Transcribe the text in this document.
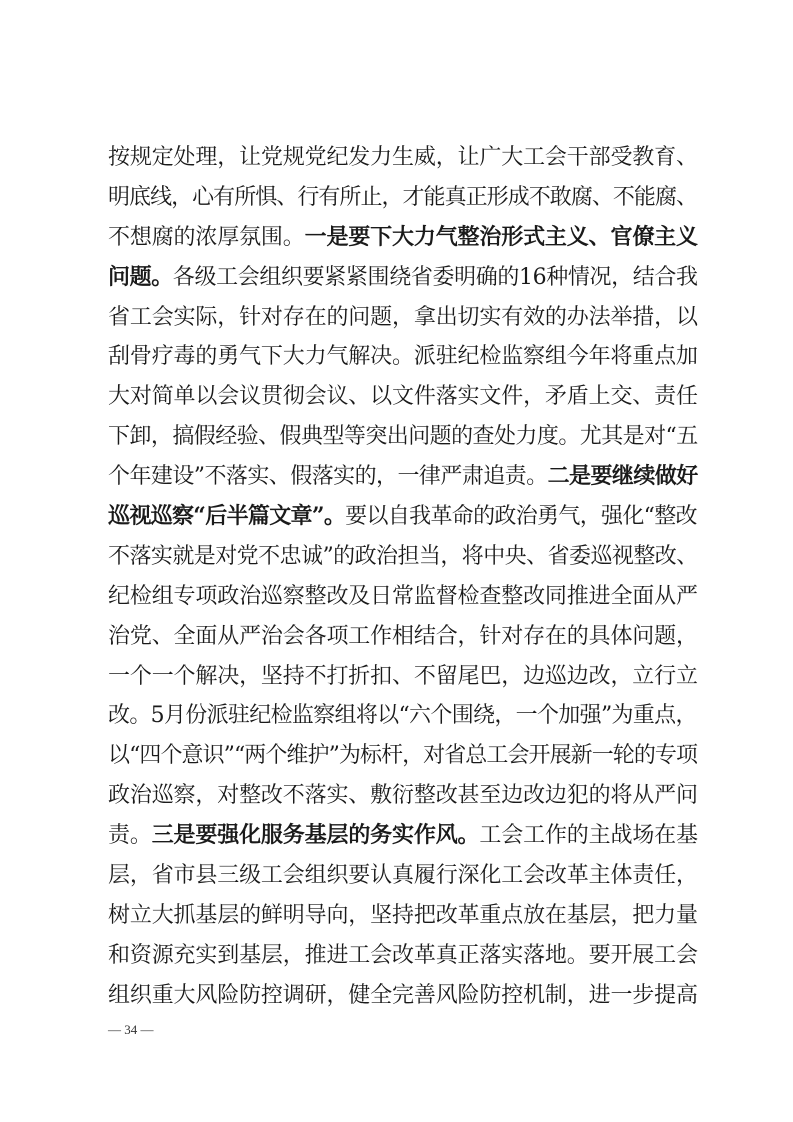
按规定处理，让党规党纪发力生威，让广大工会干部受教育、
明底线，心有所惧、行有所止，才能真正形成不敢腐、不能腐、
不想腐的浓厚氛围。一是要下大力气整治形式主义、官僚主义
问题。各级工会组织要紧紧围绕省委明确的16种情况，结合我
省工会实际，针对存在的问题，拿出切实有效的办法举措，以
刮骨疗毒的勇气下大力气解决。派驻纪检监察组今年将重点加
大对简单以会议贯彻会议、以文件落实文件，矛盾上交、责任
下卸，搞假经验、假典型等突出问题的查处力度。尤其是对“五
个年建设”不落实、假落实的，一律严肃追责。二是要继续做好
巡视巡察“后半篇文章”。要以自我革命的政治勇气，强化“整改
不落实就是对党不忠诚”的政治担当，将中央、省委巡视整改、
纪检组专项政治巡察整改及日常监督检查整改同推进全面从严
治党、全面从严治会各项工作相结合，针对存在的具体问题，
一个一个解决，坚持不打折扣、不留尾巴，边巡边改，立行立
改。5月份派驻纪检监察组将以“六个围绕，一个加强”为重点，
以“四个意识”“两个维护”为标杆，对省总工会开展新一轮的专项
政治巡察，对整改不落实、敷衍整改甚至边改边犯的将从严问
责。三是要强化服务基层的务实作风。工会工作的主战场在基
层，省市县三级工会组织要认真履行深化工会改革主体责任，
树立大抓基层的鲜明导向，坚持把改革重点放在基层，把力量
和资源充实到基层，推进工会改革真正落实落地。要开展工会
组织重大风险防控调研，健全完善风险防控机制，进一步提高
— 34 —
